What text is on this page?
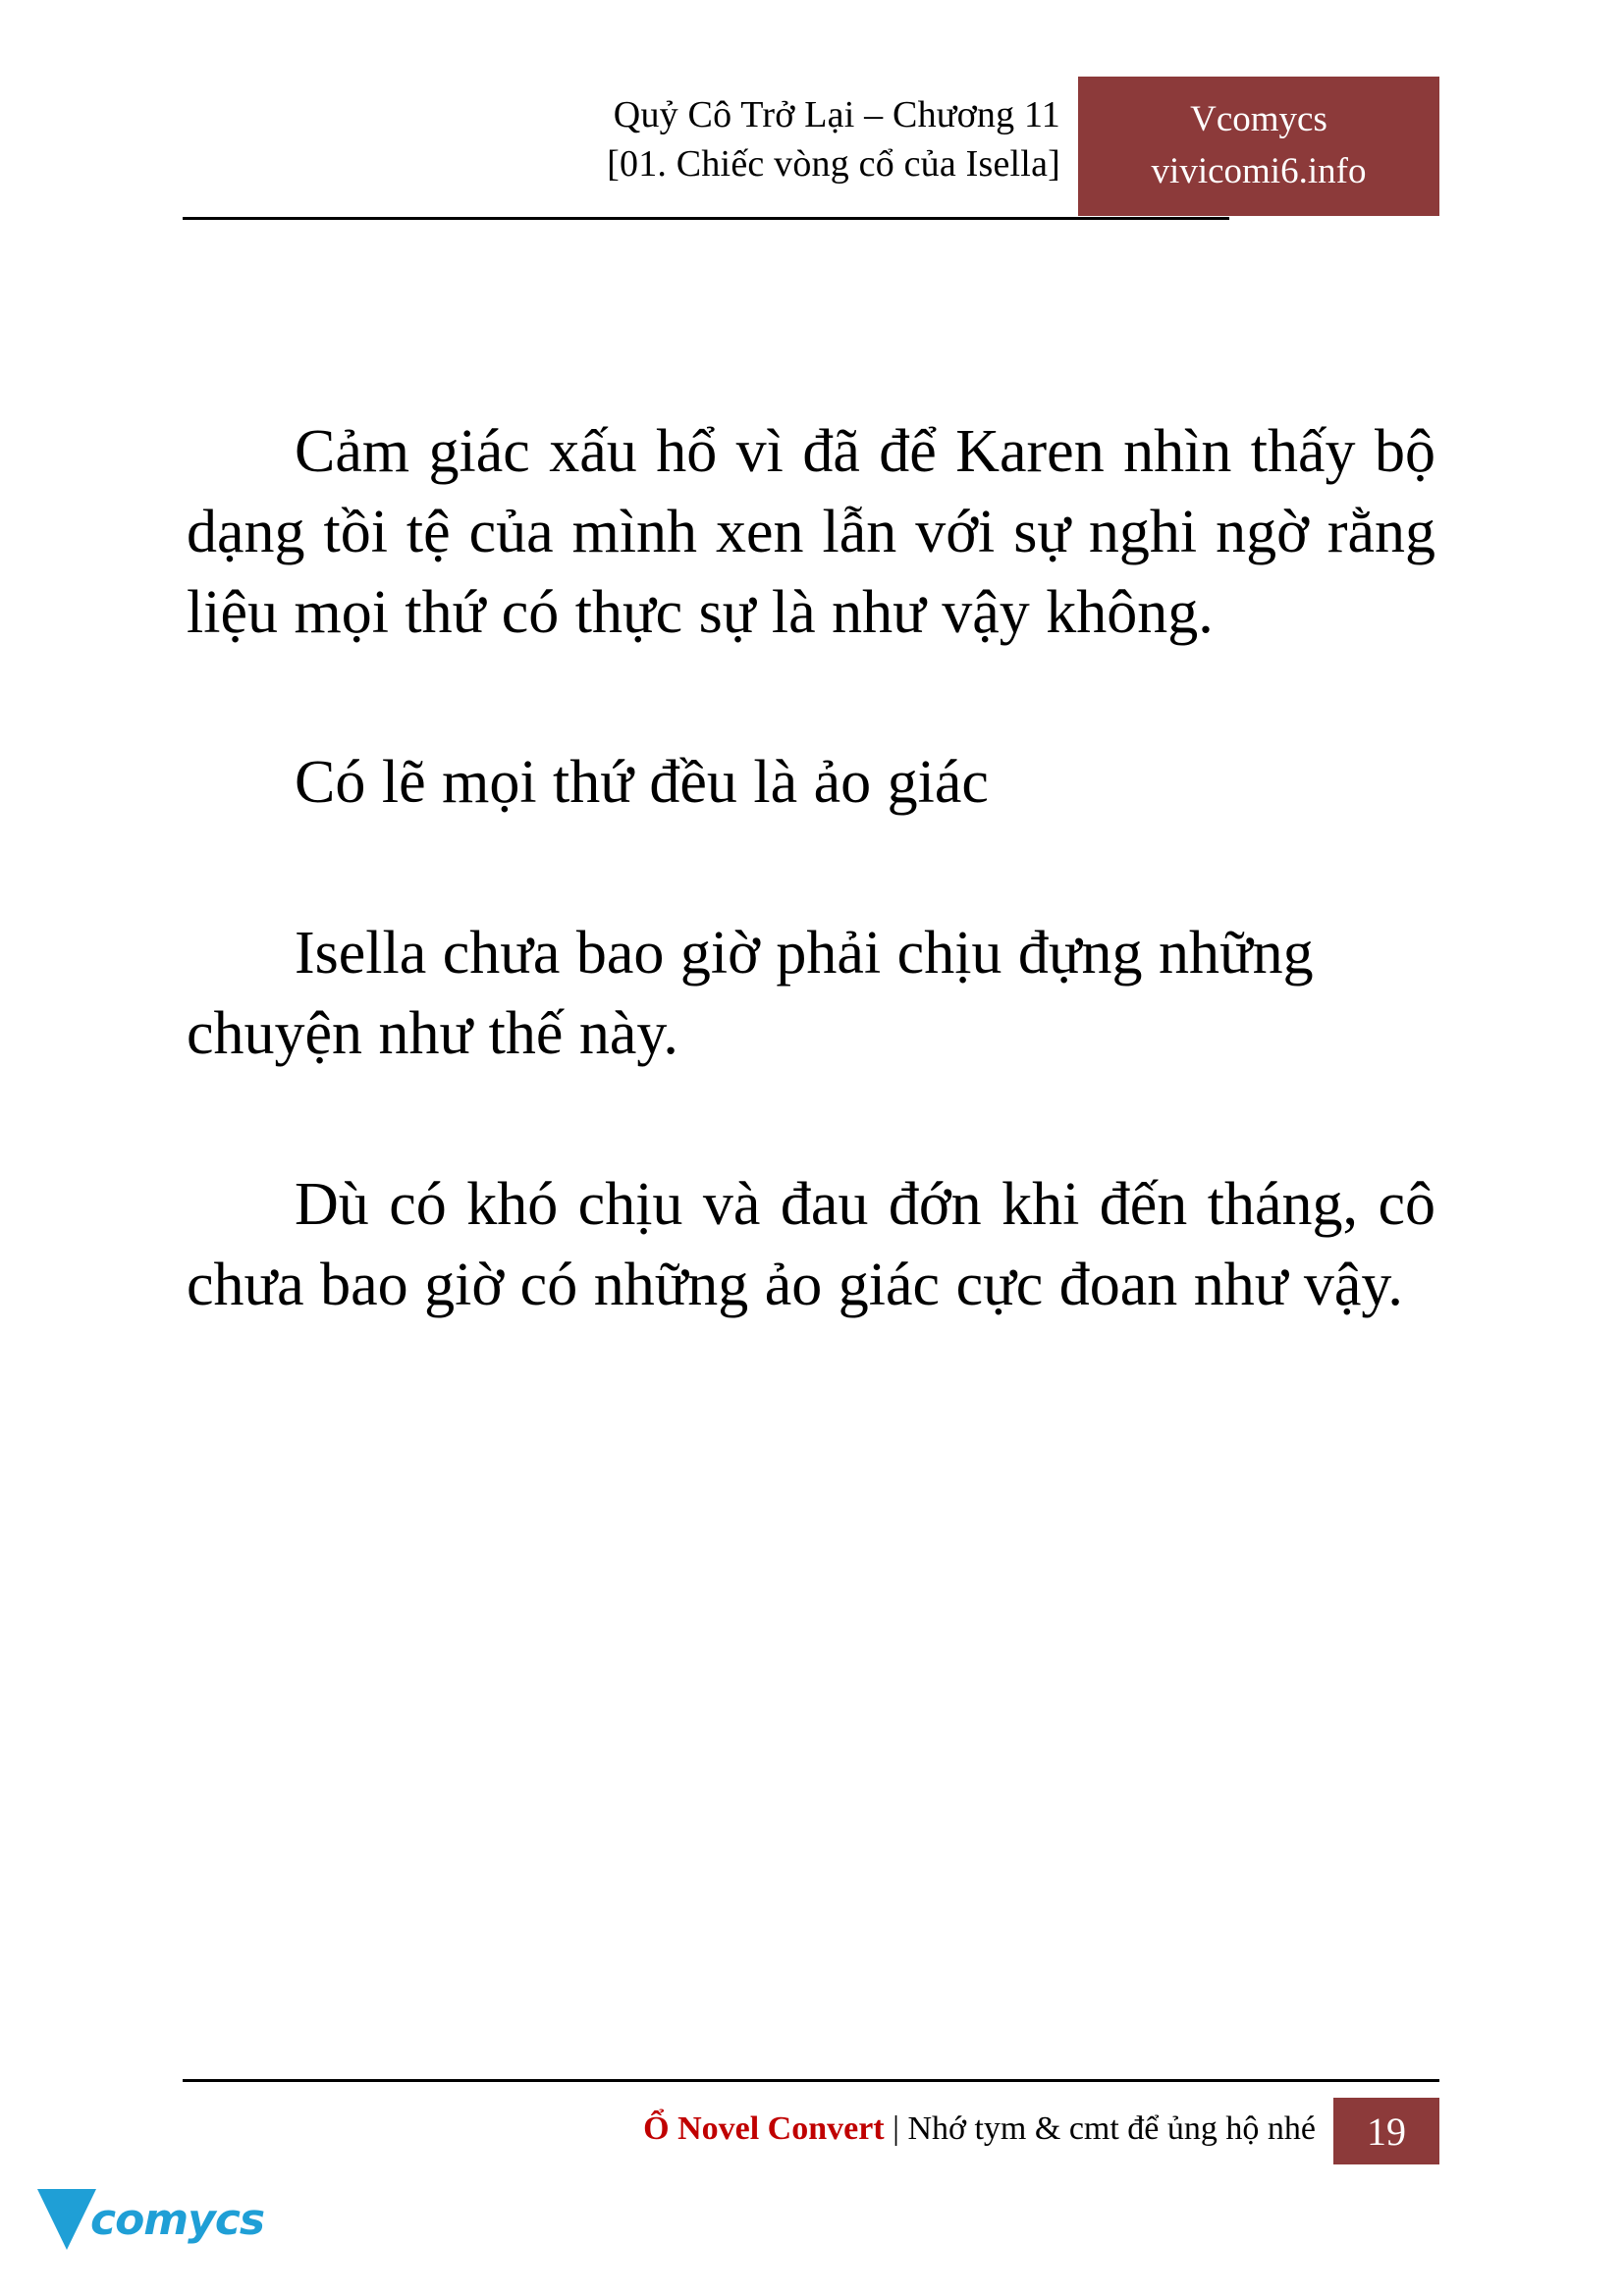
Quỷ Cô Trở Lại – Chương 11
[01. Chiếc vòng cổ của Isella]
Vcomycs
vivicomi6.info

Cảm giác xấu hổ vì đã để Karen nhìn thấy bộ dạng tồi tệ của mình xen lẫn với sự nghi ngờ rằng liệu mọi thứ có thực sự là như vậy không.

Có lẽ mọi thứ đều là ảo giác

Isella chưa bao giờ phải chịu đựng những chuyện như thế này.

Dù có khó chịu và đau đớn khi đến tháng, cô chưa bao giờ có những ảo giác cực đoan như vậy.

Ổ Novel Convert | Nhớ tym & cmt để ủng hộ nhé	19
comycs
